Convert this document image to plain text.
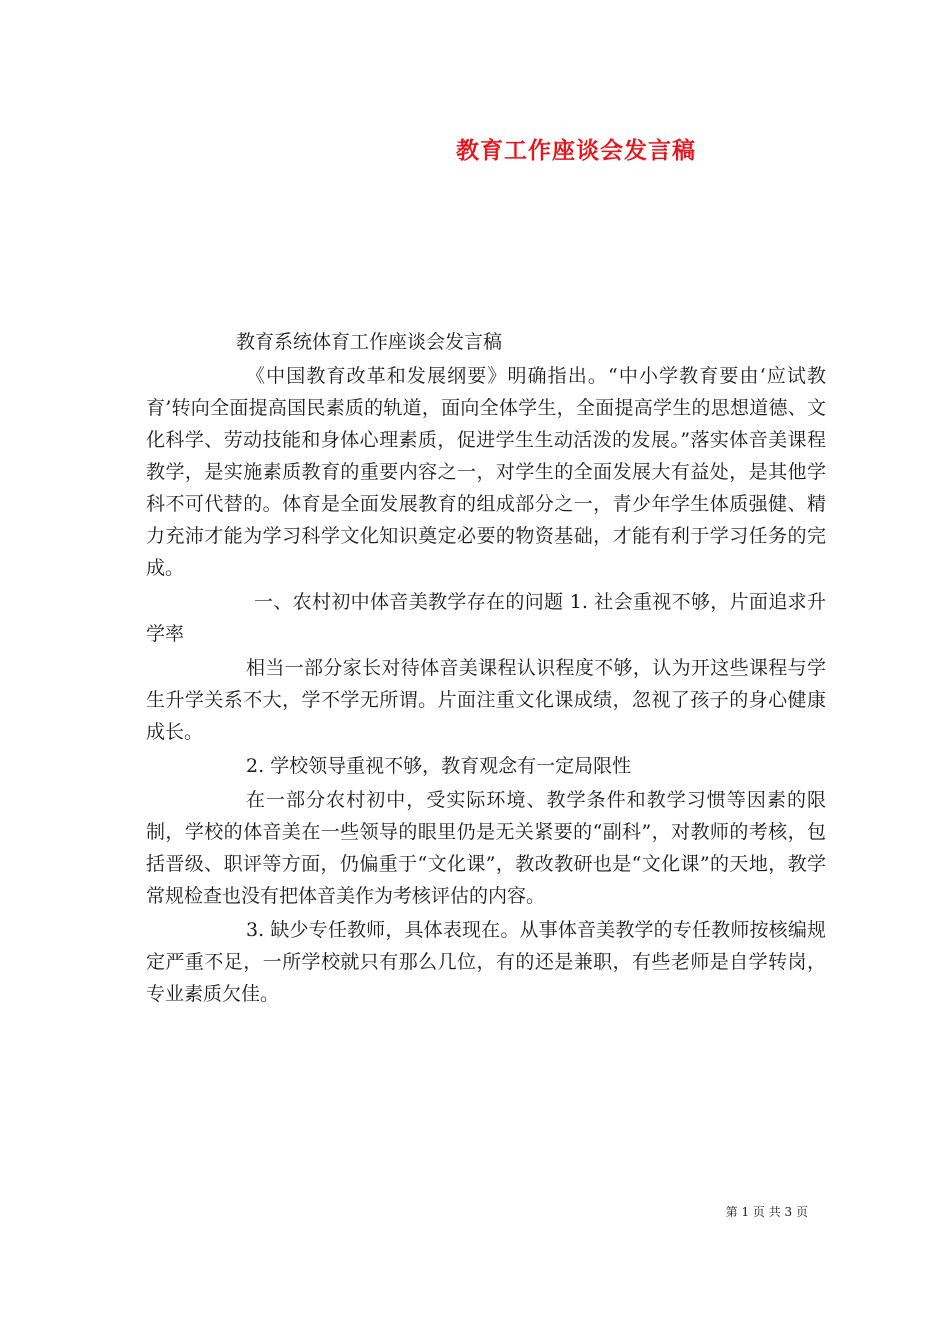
教育工作座谈会发言稿

教育系统体育工作座谈会发言稿

《中国教育改革和发展纲要》明确指出。“中小学教育要由‘应试教育’转向全面提高国民素质的轨道，面向全体学生，全面提高学生的思想道德、文化科学、劳动技能和身体心理素质，促进学生生动活泼的发展。”落实体音美课程教学，是实施素质教育的重要内容之一，对学生的全面发展大有益处，是其他学科不可代替的。体育是全面发展教育的组成部分之一，青少年学生体质强健、精力充沛才能为学习科学文化知识奠定必要的物资基础，才能有利于学习任务的完成。

一、农村初中体音美教学存在的问题 1. 社会重视不够，片面追求升学率

相当一部分家长对待体音美课程认识程度不够，认为开这些课程与学生升学关系不大，学不学无所谓。片面注重文化课成绩，忽视了孩子的身心健康成长。

2. 学校领导重视不够，教育观念有一定局限性

在一部分农村初中，受实际环境、教学条件和教学习惯等因素的限制，学校的体音美在一些领导的眼里仍是无关紧要的“副科”，对教师的考核，包括晋级、职评等方面，仍偏重于“文化课”，教改教研也是“文化课”的天地，教学常规检查也没有把体音美作为考核评估的内容。

3. 缺少专任教师，具体表现在。从事体音美教学的专任教师按核编规定严重不足，一所学校就只有那么几位，有的还是兼职，有些老师是自学转岗，专业素质欠佳。

第 1 页 共 3 页
